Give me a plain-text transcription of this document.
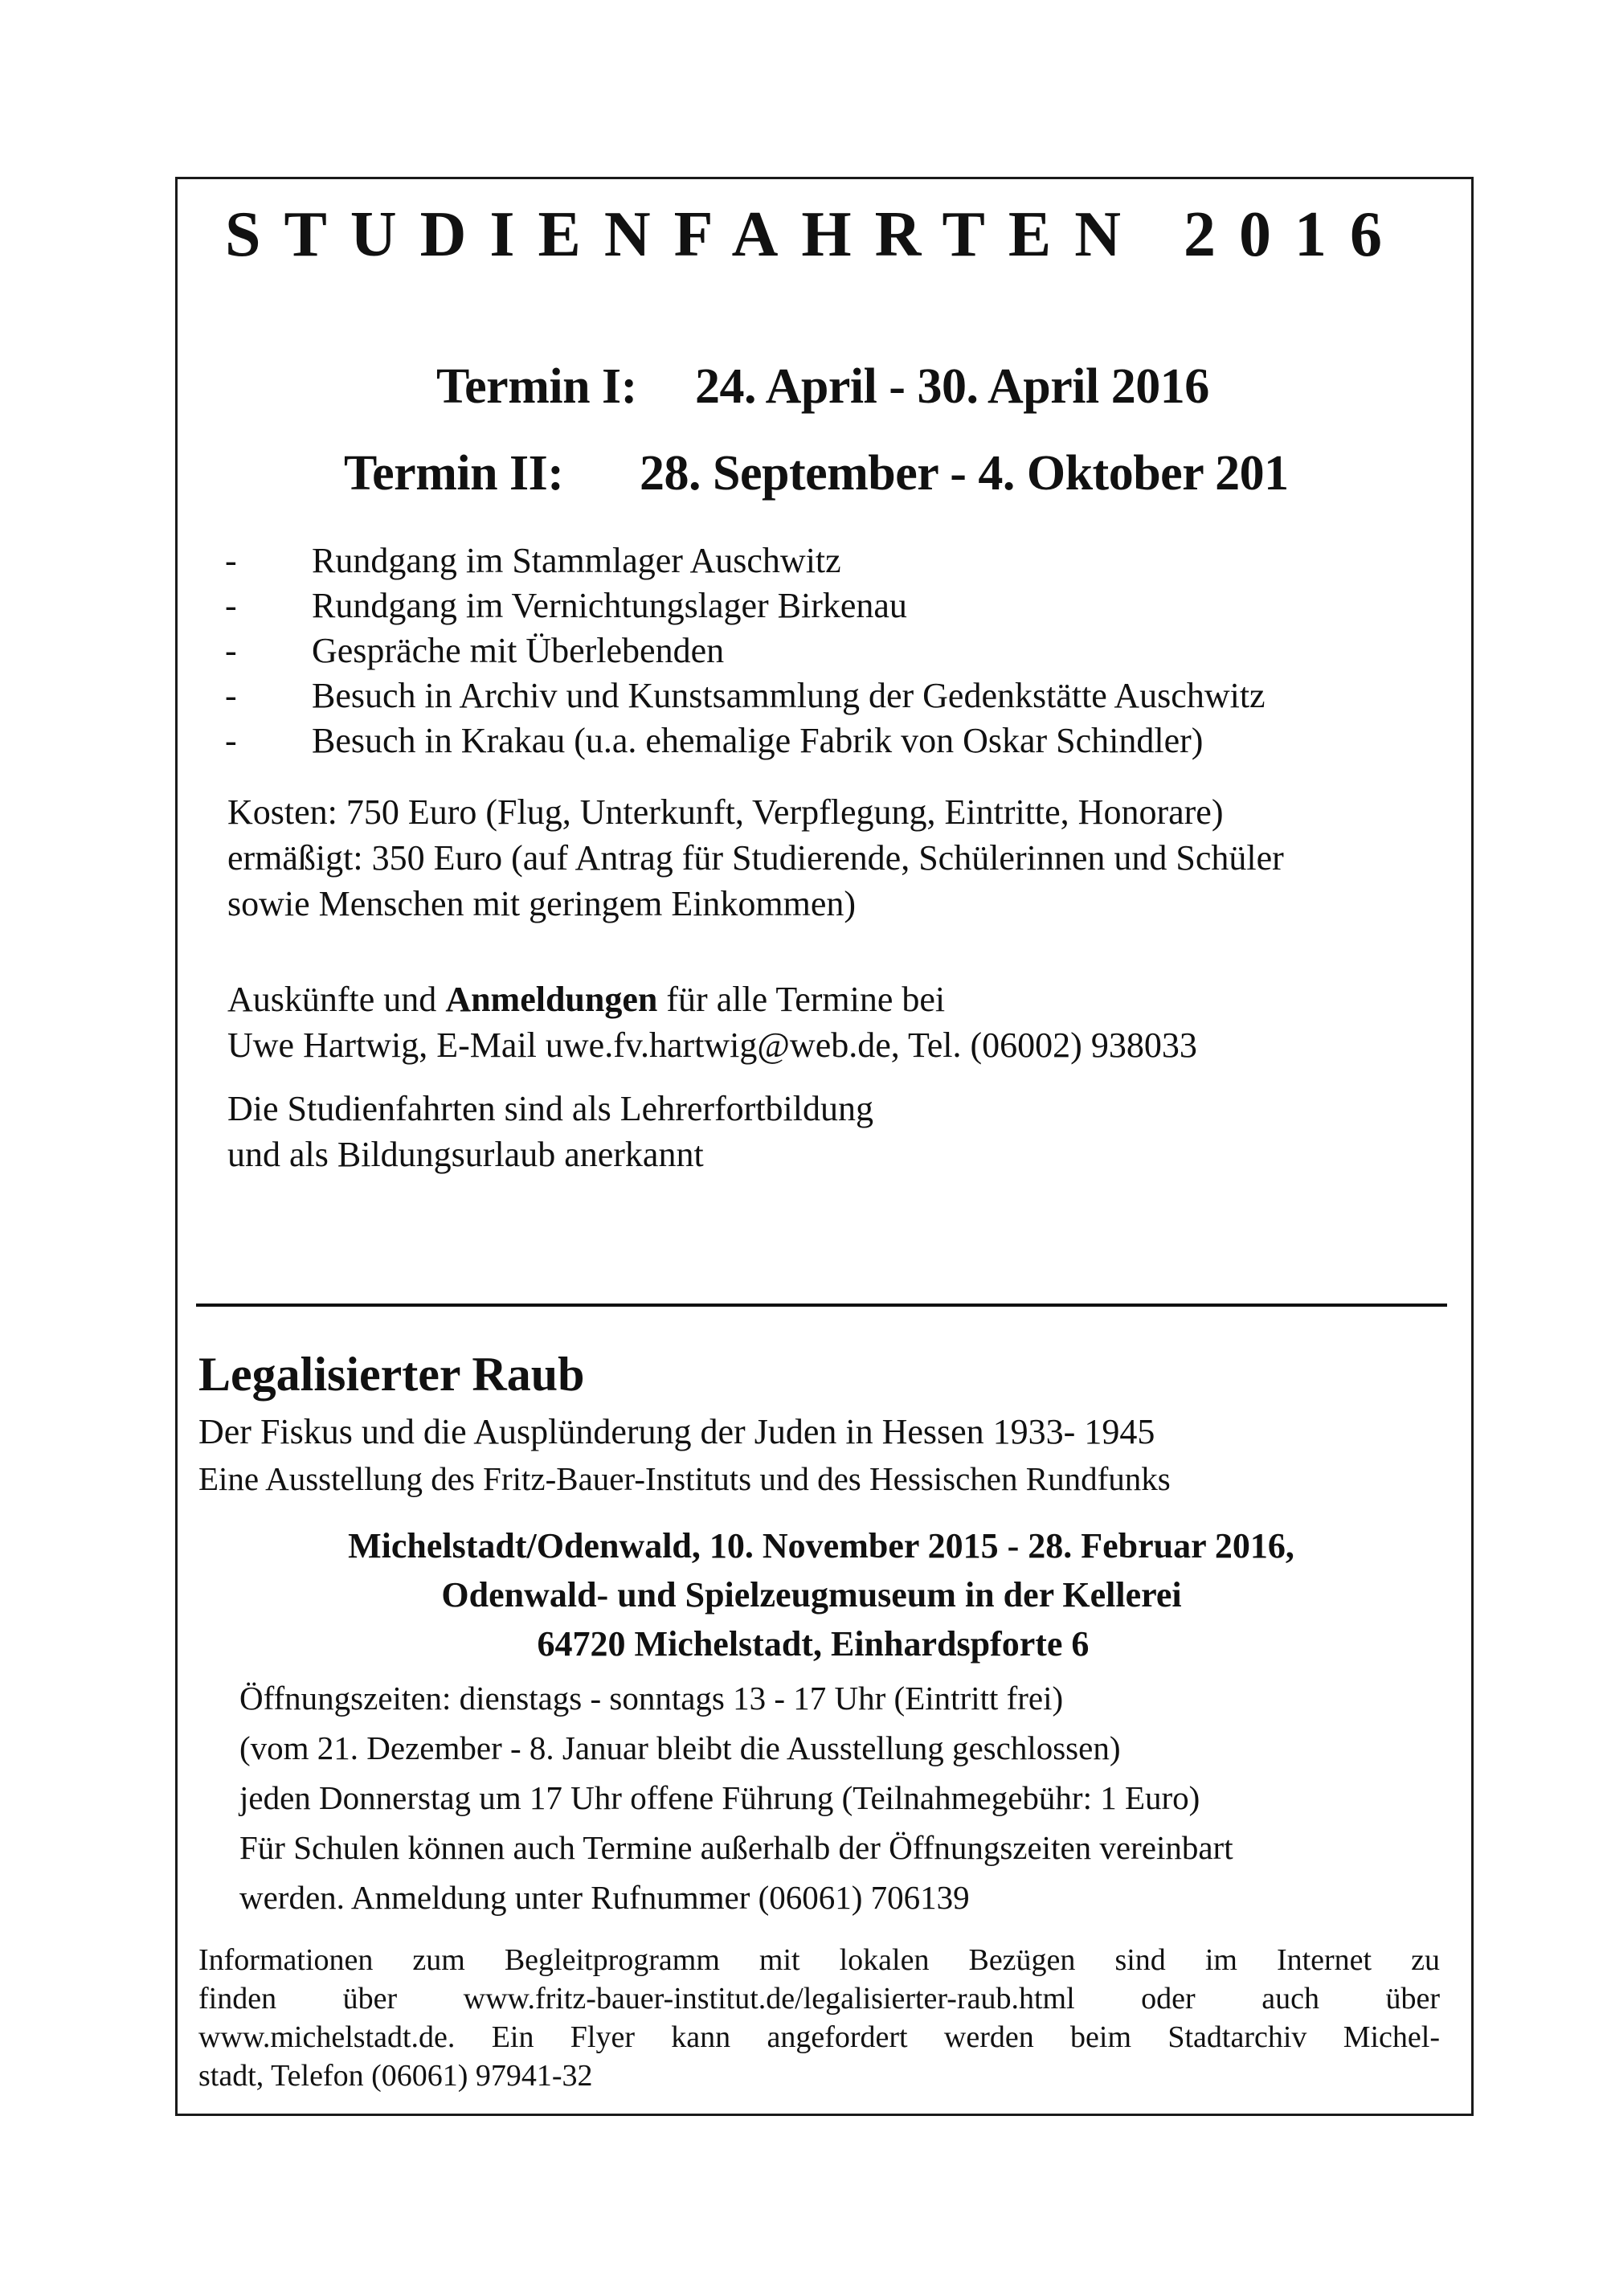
STUDIENFAHRTEN 2016
Termin I: 24. April - 30. April 2016
Termin II: 28. September - 4. Oktober 201
-	Rundgang im Stammlager Auschwitz
-	Rundgang im Vernichtungslager Birkenau
-	Gespräche mit Überlebenden
-	Besuch in Archiv und Kunstsammlung der Gedenkstätte Auschwitz
-	Besuch in Krakau (u.a. ehemalige Fabrik von Oskar Schindler)
Kosten: 750 Euro (Flug, Unterkunft, Verpflegung, Eintritte, Honorare)
ermäßigt: 350 Euro (auf Antrag für Studierende, Schülerinnen und Schüler
sowie Menschen mit geringem Einkommen)
Auskünfte und Anmeldungen für alle Termine bei
Uwe Hartwig, E-Mail uwe.fv.hartwig@web.de, Tel. (06002) 938033
Die Studienfahrten sind als Lehrerfortbildung
und als Bildungsurlaub anerkannt
Legalisierter Raub
Der Fiskus und die Ausplünderung der Juden in Hessen 1933- 1945
Eine Ausstellung des Fritz-Bauer-Instituts und des Hessischen Rundfunks
Michelstadt/Odenwald, 10. November 2015 - 28. Februar 2016,
Odenwald- und Spielzeugmuseum in der Kellerei
64720 Michelstadt, Einhardspforte 6
Öffnungszeiten: dienstags - sonntags 13 - 17 Uhr (Eintritt frei)
(vom 21. Dezember - 8. Januar bleibt die Ausstellung geschlossen)
jeden Donnerstag um 17 Uhr offene Führung (Teilnahmegebühr: 1 Euro)
Für Schulen können auch Termine außerhalb der Öffnungszeiten vereinbart
werden. Anmeldung unter Rufnummer (06061) 706139
Informationen zum Begleitprogramm mit lokalen Bezügen sind im Internet zu
finden über www.fritz-bauer-institut.de/legalisierter-raub.html oder auch über
www.michelstadt.de. Ein Flyer kann angefordert werden beim Stadtarchiv Michel-
stadt, Telefon (06061) 97941-32
